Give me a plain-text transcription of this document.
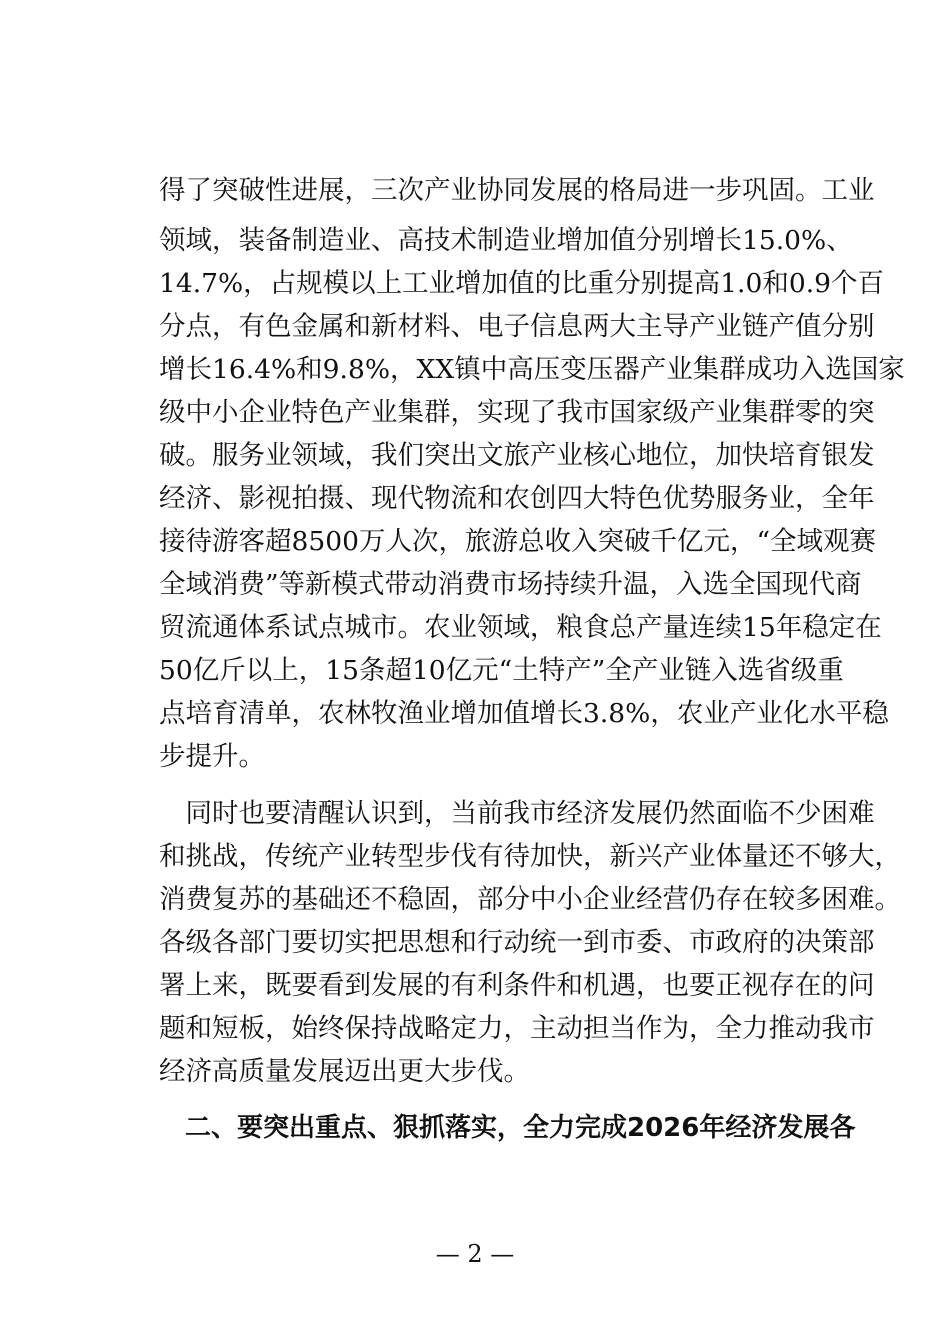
得了突破性进展，三次产业协同发展的格局进一步巩固。工业
领域，装备制造业、高技术制造业增加值分别增长15.0%、
14.7%，占规模以上工业增加值的比重分别提高1.0和0.9个百
分点，有色金属和新材料、电子信息两大主导产业链产值分别
增长16.4%和9.8%，XX镇中高压变压器产业集群成功入选国家
级中小企业特色产业集群，实现了我市国家级产业集群零的突
破。服务业领域，我们突出文旅产业核心地位，加快培育银发
经济、影视拍摄、现代物流和农创四大特色优势服务业，全年
接待游客超8500万人次，旅游总收入突破千亿元，“全域观赛
全域消费”等新模式带动消费市场持续升温，入选全国现代商
贸流通体系试点城市。农业领域，粮食总产量连续15年稳定在
50亿斤以上，15条超10亿元“土特产”全产业链入选省级重
点培育清单，农林牧渔业增加值增长3.8%，农业产业化水平稳
步提升。
　同时也要清醒认识到，当前我市经济发展仍然面临不少困难
和挑战，传统产业转型步伐有待加快，新兴产业体量还不够大，
消费复苏的基础还不稳固，部分中小企业经营仍存在较多困难。
各级各部门要切实把思想和行动统一到市委、市政府的决策部
署上来，既要看到发展的有利条件和机遇，也要正视存在的问
题和短板，始终保持战略定力，主动担当作为，全力推动我市
经济高质量发展迈出更大步伐。
　二、要突出重点、狠抓落实，全力完成2026年经济发展各
— 2 —
